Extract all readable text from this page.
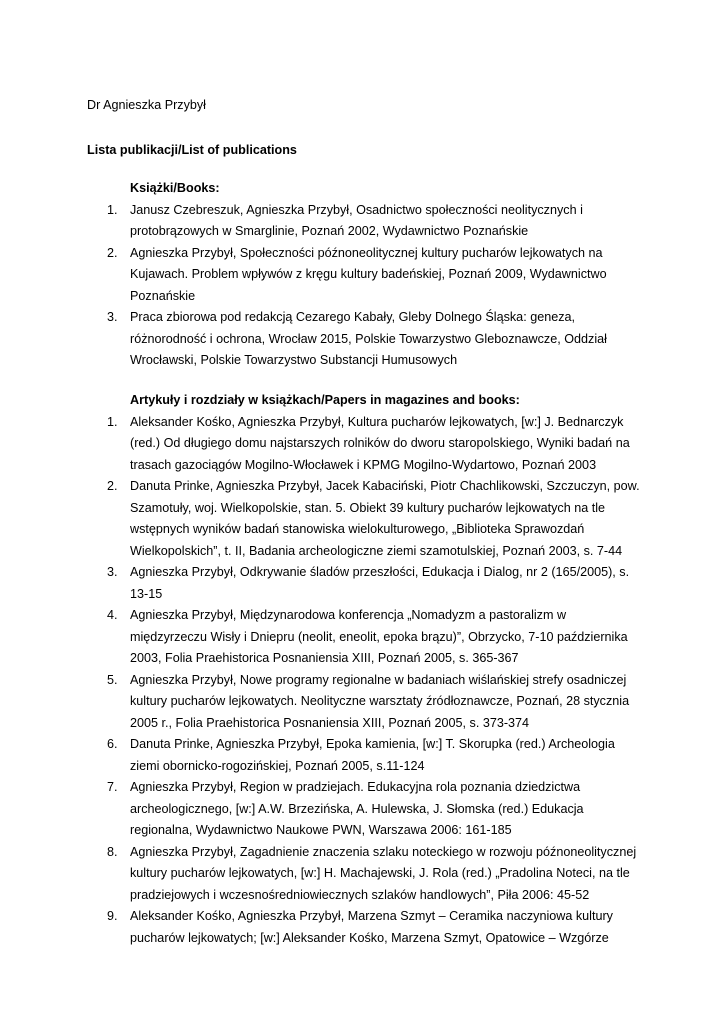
Dr Agnieszka Przybył
Lista publikacji/List of publications
Książki/Books:
1. Janusz Czebreszuk, Agnieszka Przybył, Osadnictwo społeczności neolitycznych i protobrązowych w Smarglinie, Poznań 2002, Wydawnictwo Poznańskie
2. Agnieszka Przybył, Społeczności późnoneolitycznej kultury pucharów lejkowatych na Kujawach. Problem wpływów z kręgu kultury badeńskiej, Poznań 2009, Wydawnictwo Poznańskie
3. Praca zbiorowa pod redakcją Cezarego Kabały, Gleby Dolnego Śląska: geneza, różnorodność i ochrona, Wrocław 2015, Polskie Towarzystwo Gleboznawcze, Oddział Wrocławski, Polskie Towarzystwo Substancji Humusowych
Artykuły i rozdziały w książkach/Papers in magazines and books:
1. Aleksander Kośko, Agnieszka Przybył, Kultura pucharów lejkowatych, [w:] J. Bednarczyk (red.) Od długiego domu najstarszych rolników do dworu staropolskiego, Wyniki badań na trasach gazociągów Mogilno-Włocławek i KPMG Mogilno-Wydartowo, Poznań 2003
2. Danuta Prinke, Agnieszka Przybył, Jacek Kabaciński, Piotr Chachlikowski, Szczuczyn, pow. Szamotuły, woj. Wielkopolskie, stan. 5. Obiekt 39 kultury pucharów lejkowatych na tle wstępnych wyników badań stanowiska wielokulturowego, „Biblioteka Sprawozdań Wielkopolskich”, t. II, Badania archeologiczne ziemi szamotulskiej, Poznań 2003, s. 7-44
3. Agnieszka Przybył, Odkrywanie śladów przeszłości, Edukacja i Dialog, nr 2 (165/2005), s. 13-15
4. Agnieszka Przybył, Międzynarodowa konferencja „Nomadyzm a pastoralizm w międzyrzeczu Wisły i Dniepru (neolit, eneolit, epoka brązu)”, Obrzycko, 7-10 października 2003, Folia Praehistorica Posnaniensia XIII, Poznań 2005, s. 365-367
5. Agnieszka Przybył, Nowe programy regionalne w badaniach wiślańskiej strefy osadniczej kultury pucharów lejkowatych. Neolityczne warsztaty źródłoznawcze, Poznań, 28 stycznia 2005 r., Folia Praehistorica Posnaniensia XIII, Poznań 2005, s. 373-374
6. Danuta Prinke, Agnieszka Przybył, Epoka kamienia, [w:] T. Skorupka (red.) Archeologia ziemi obornicko-rogozińskiej, Poznań 2005, s.11-124
7. Agnieszka Przybył, Region w pradziejach. Edukacyjna rola poznania dziedzictwa archeologicznego, [w:] A.W. Brzezińska, A. Hulewska, J. Słomska (red.) Edukacja regionalna, Wydawnictwo Naukowe PWN, Warszawa 2006: 161-185
8. Agnieszka Przybył, Zagadnienie znaczenia szlaku noteckiego w rozwoju późnoneolitycznej kultury pucharów lejkowatych, [w:] H. Machajewski, J. Rola (red.) „Pradolina Noteci, na tle pradziejowych i wczesnośredniowiecznych szlaków handlowych”, Piła 2006: 45-52
9. Aleksander Kośko, Agnieszka Przybył, Marzena Szmyt – Ceramika naczyniowa kultury pucharów lejkowatych; [w:] Aleksander Kośko, Marzena Szmyt, Opatowice – Wzgórze
